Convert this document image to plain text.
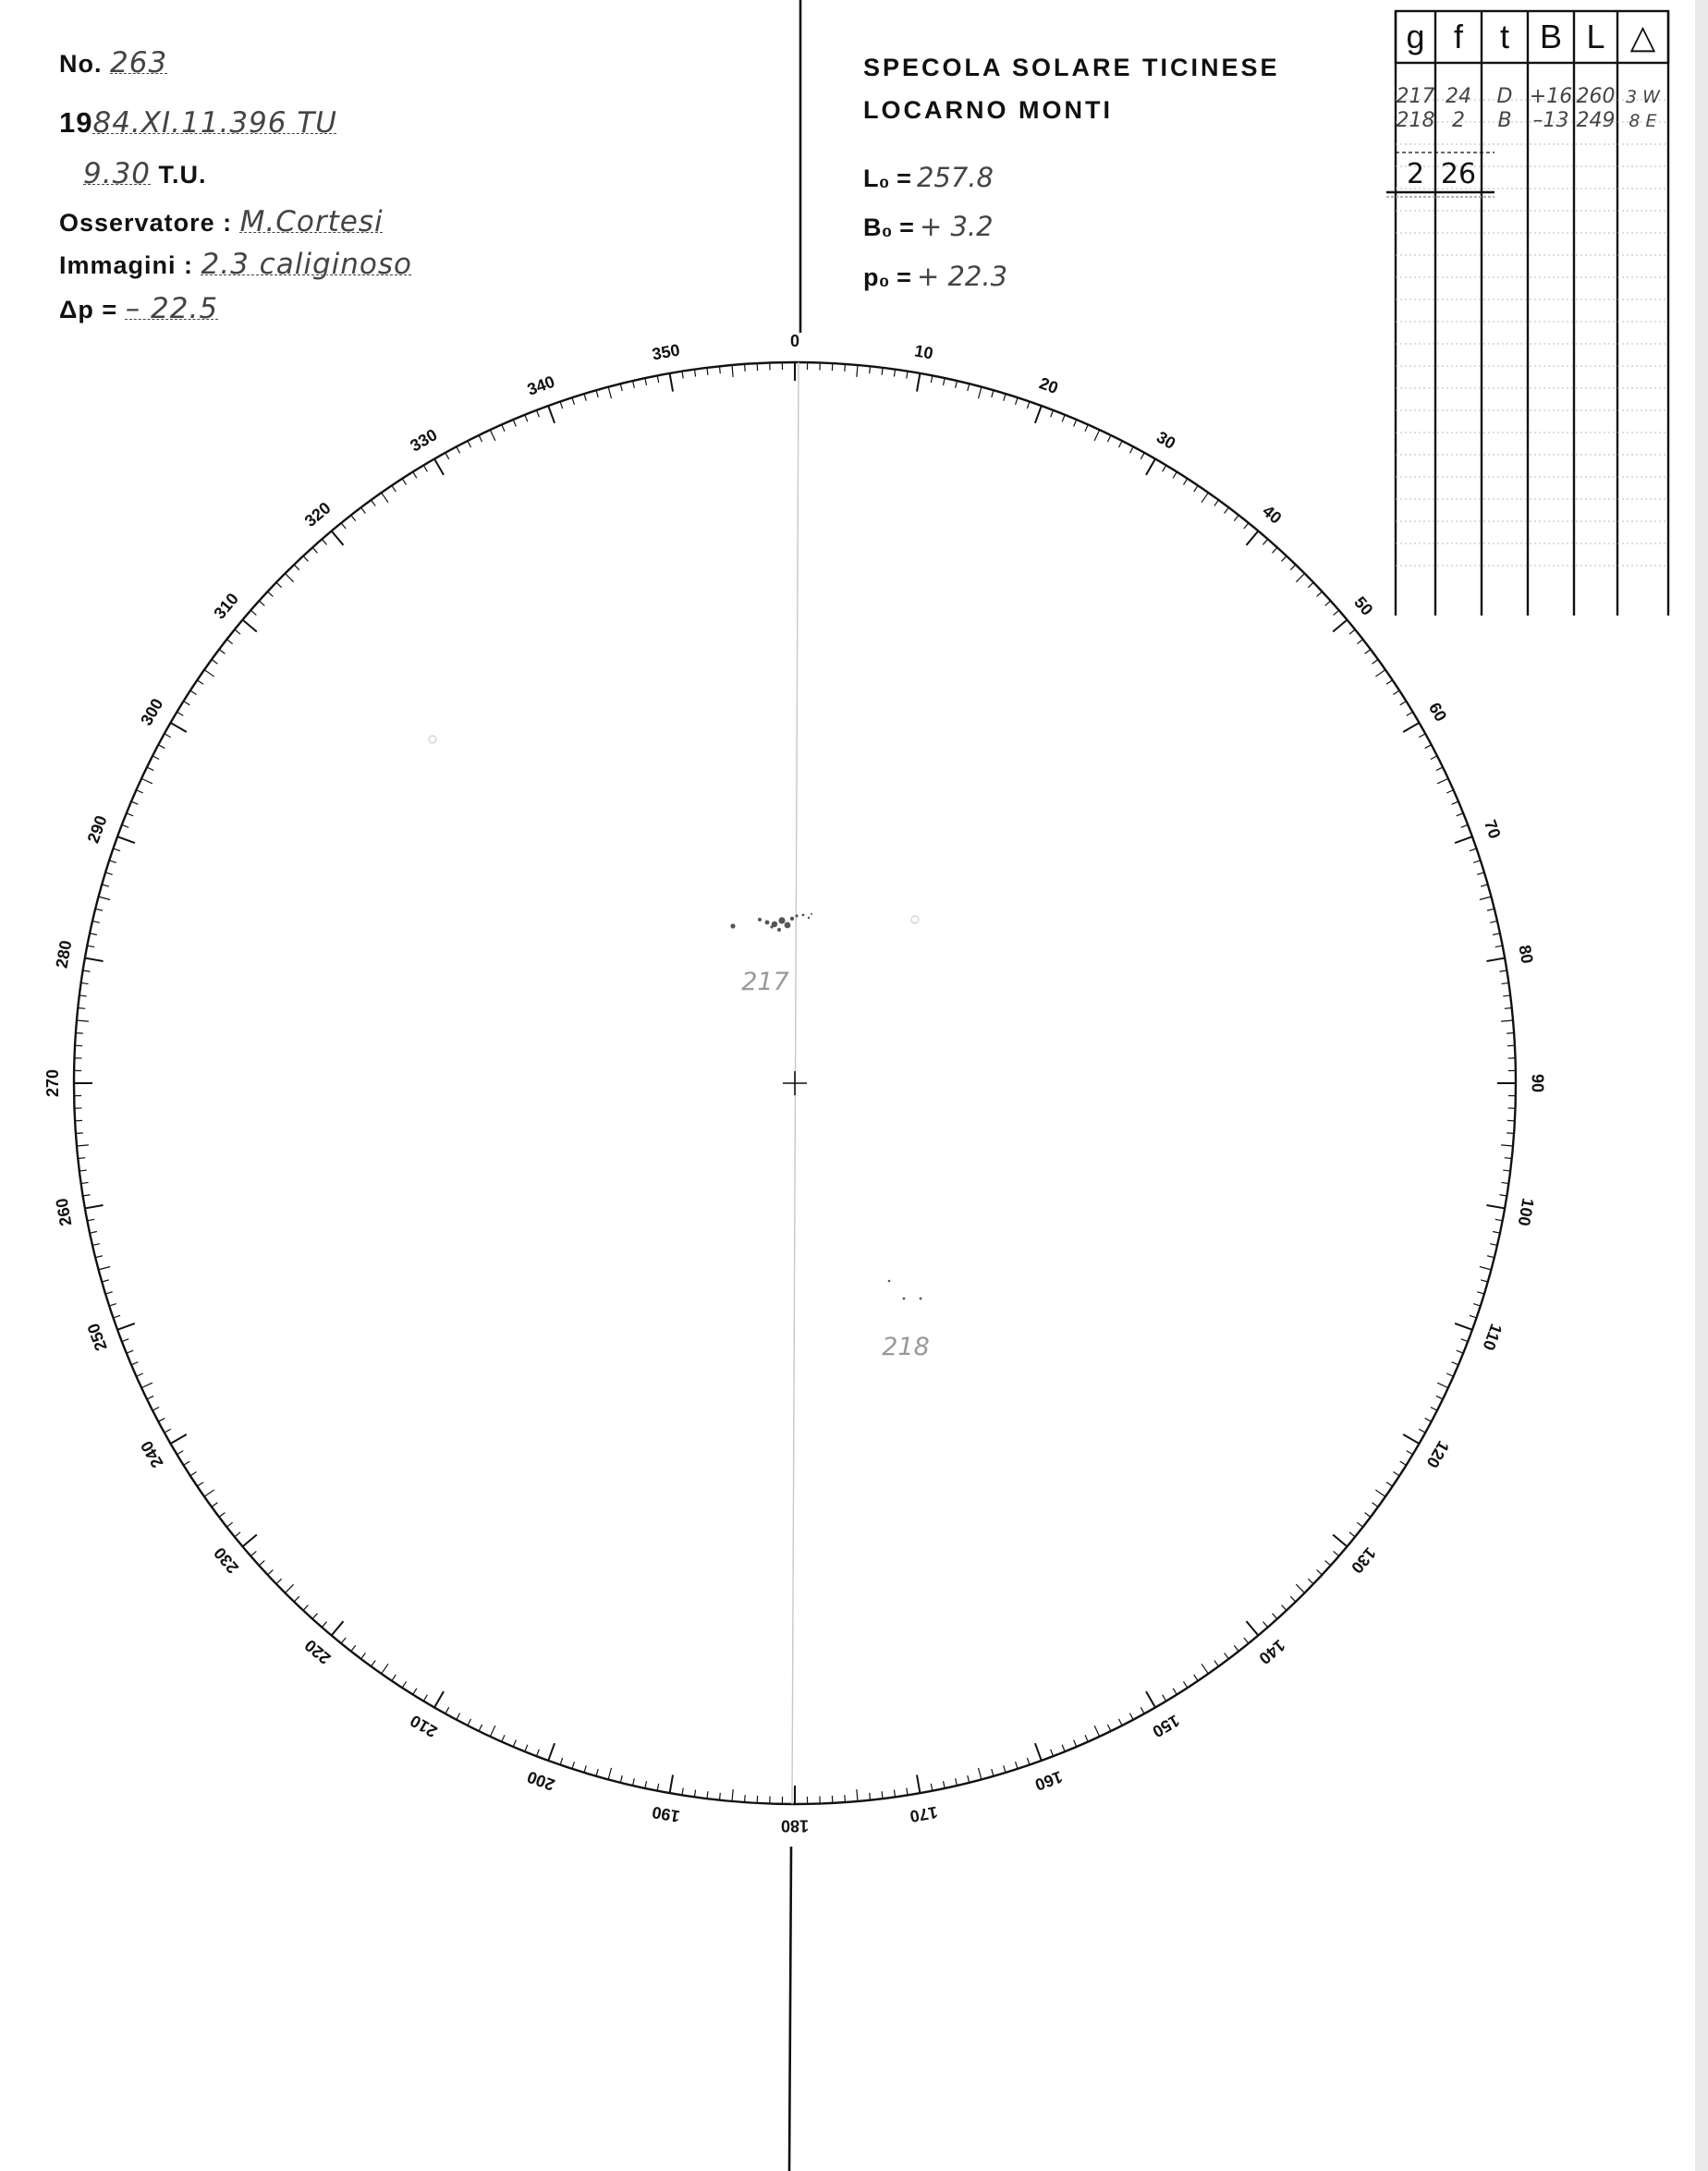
No. 263
1984.XI.11.396 TU
9.30 T.U.
Osservatore : M.Cortesi
Immagini : 2.3 caliginoso
Δp = – 22.5
SPECOLA SOLARE TICINESE
LOCARNO MONTI
L₀ = 257.8
B₀ = + 3.2
p₀ = + 22.3
0
10
20
30
40
50
60
70
80
90
100
110
120
130
140
150
160
170
180
190
200
210
220
230
240
250
260
270
280
290
300
310
320
330
340
350
217
218
g f t B L △
217 24 D +16 260 3 W
218 2 B –13 249 8 E
2 26
